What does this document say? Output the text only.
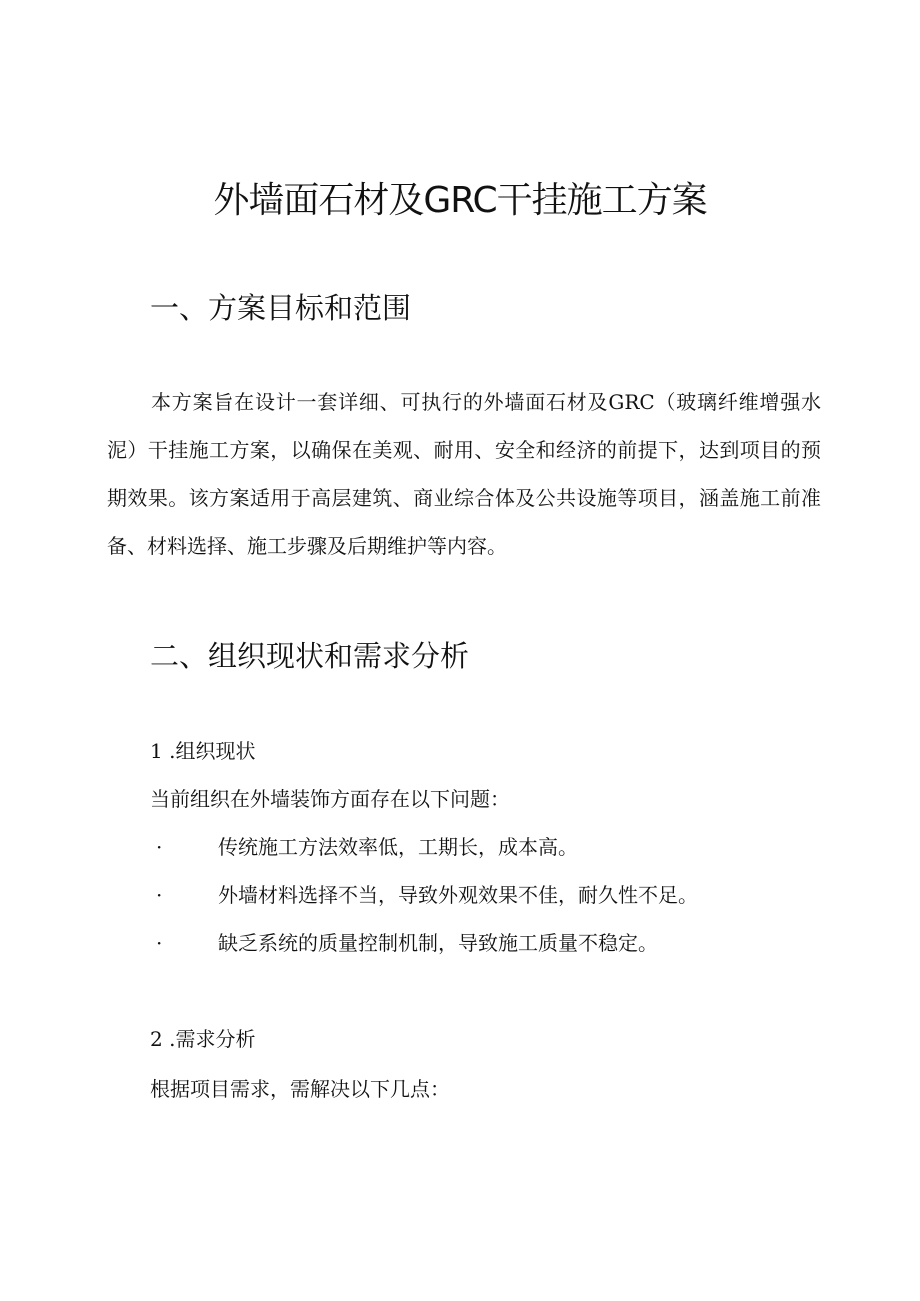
外墙面石材及GRC干挂施工方案
一、方案目标和范围

本方案旨在设计一套详细、可执行的外墙面石材及GRC（玻璃纤维增强水泥）干挂施工方案，以确保在美观、耐用、安全和经济的前提下，达到项目的预期效果。该方案适用于高层建筑、商业综合体及公共设施等项目，涵盖施工前准备、材料选择、施工步骤及后期维护等内容。

二、组织现状和需求分析
1 .组织现状
当前组织在外墙装饰方面存在以下问题：
·	传统施工方法效率低，工期长，成本高。
·	外墙材料选择不当，导致外观效果不佳，耐久性不足。
·	缺乏系统的质量控制机制，导致施工质量不稳定。
2 .需求分析
根据项目需求，需解决以下几点：
